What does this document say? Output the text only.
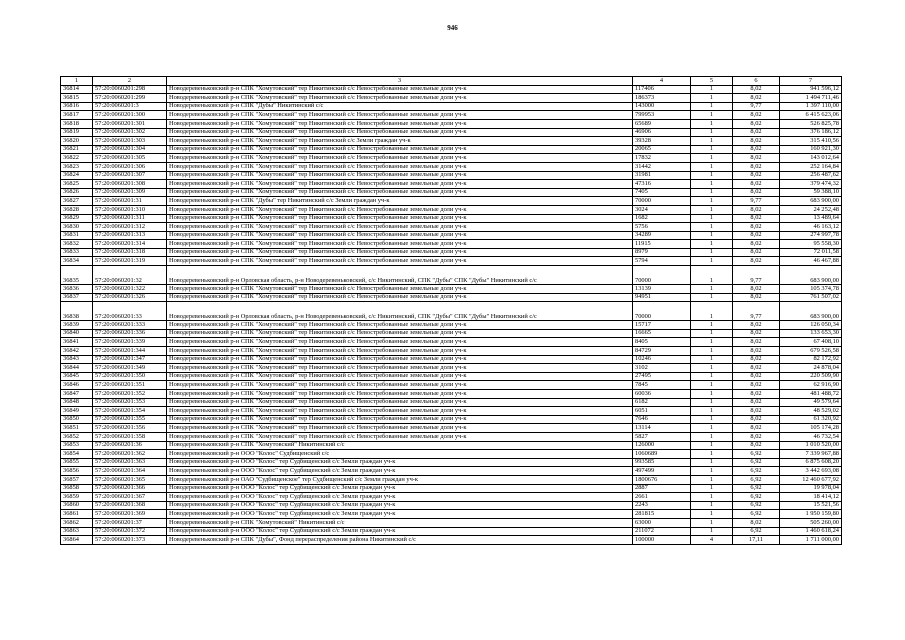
946
1	2	3	4	5	6	7
36814	57:20:0060201:298	Новодеревеньковский р-н СПК "Хомутовский" тер Никитинский с/с Невостребованные земельные доли уч-к	117406	1	8,02	941 596,12
36815	57:20:0060201:299	Новодеревеньковский р-н СПК "Хомутовский" тер Никитинский с/с Невостребованные земельные доли уч-к	186373	1	8,02	1 494 711,46
36816	57:20:0060201:3	Новодеревеньковский р-н СПК "Дубы" Никитинский с/с	143000	1	9,77	1 397 110,00
36817	57:20:0060201:300	Новодеревеньковский р-н СПК "Хомутовский" тер Никитинский с/с Невостребованные земельные доли уч-к	799953	1	8,02	6 415 623,06
36818	57:20:0060201:301	Новодеревеньковский р-н СПК "Хомутовский" тер Никитинский с/с Невостребованные земельные доли уч-к	65689	1	8,02	526 825,78
36819	57:20:0060201:302	Новодеревеньковский р-н СПК "Хомутовский" тер Никитинский с/с Невостребованные земельные доли уч-к	46906	1	8,02	376 186,12
36820	57:20:0060201:303	Новодеревеньковский р-н СПК "Хомутовский" тер Никитинский с/с Земли граждан уч-к	39328	1	8,02	315 410,56
36821	57:20:0060201:304	Новодеревеньковский р-н СПК "Хомутовский" тер Никитинский с/с Невостребованные земельные доли уч-к	20065	1	8,02	160 921,30
36822	57:20:0060201:305	Новодеревеньковский р-н СПК "Хомутовский" тер Никитинский с/с Невостребованные земельные доли уч-к	17832	1	8,02	143 012,64
36823	57:20:0060201:306	Новодеревеньковский р-н СПК "Хомутовский" тер Никитинский с/с Невостребованные земельные доли уч-к	31442	1	8,02	252 164,84
36824	57:20:0060201:307	Новодеревеньковский р-н СПК "Хомутовский" тер Никитинский с/с Невостребованные земельные доли уч-к	31981	1	8,02	256 487,62
36825	57:20:0060201:308	Новодеревеньковский р-н СПК "Хомутовский" тер Никитинский с/с Невостребованные земельные доли уч-к	47316	1	8,02	379 474,32
36826	57:20:0060201:309	Новодеревеньковский р-н СПК "Хомутовский" тер Никитинский с/с Невостребованные земельные доли уч-к	7405	1	8,02	59 388,10
36827	57:20:0060201:31	Новодеревеньковский р-н СПК "Дубы" тер Никитинский с/с Земли граждан уч-к	70000	1	9,77	683 900,00
36828	57:20:0060201:310	Новодеревеньковский р-н СПК "Хомутовский" тер Никитинский с/с Невостребованные земельные доли уч-к	3024	1	8,02	24 252,48
36829	57:20:0060201:311	Новодеревеньковский р-н СПК "Хомутовский" тер Никитинский с/с Невостребованные земельные доли уч-к	1682	1	8,02	13 489,64
36830	57:20:0060201:312	Новодеревеньковский р-н СПК "Хомутовский" тер Никитинский с/с Невостребованные земельные доли уч-к	5756	1	8,02	46 163,12
36831	57:20:0060201:313	Новодеревеньковский р-н СПК "Хомутовский" тер Никитинский с/с Невостребованные земельные доли уч-к	34289	1	8,02	274 997,78
36832	57:20:0060201:314	Новодеревеньковский р-н СПК "Хомутовский" тер Никитинский с/с Невостребованные земельные доли уч-к	11915	1	8,02	95 558,30
36833	57:20:0060201:318	Новодеревеньковский р-н СПК "Хомутовский" тер Никитинский с/с Невостребованные земельные доли уч-к	8979	1	8,02	72 011,58
36834	57:20:0060201:319	Новодеревеньковский р-н СПК "Хомутовский" тер Никитинский с/с Невостребованные земельные доли уч-к	5794	1	8,02	46 467,88
36835	57:20:0060201:32	Новодеревеньковский р-н Орловская область, р-н Новодеревеньковский, с/с Никитинский, СПК "Дубы" СПК "Дубы" Никитинский с/с	70000	1	9,77	683 900,00
36836	57:20:0060201:322	Новодеревеньковский р-н СПК "Хомутовский" тер Никитинский с/с Невостребованные земельные доли уч-к	13139	1	8,02	105 374,78
36837	57:20:0060201:326	Новодеревеньковский р-н СПК "Хомутовский" тер Никитинский с/с Невостребованные земельные доли уч-к	94951	1	8,02	761 507,02
36838	57:20:0060201:33	Новодеревеньковский р-н Орловская область, р-н Новодеревеньковский, с/с Никитинский, СПК "Дубы" СПК "Дубы" Никитинский с/с	70000	1	9,77	683 900,00
36839	57:20:0060201:333	Новодеревеньковский р-н СПК "Хомутовский" тер Никитинский с/с Невостребованные земельные доли уч-к	15717	1	8,02	126 050,34
36840	57:20:0060201:336	Новодеревеньковский р-н СПК "Хомутовский" тер Никитинский с/с Невостребованные земельные доли уч-к	16665	1	8,02	133 653,30
36841	57:20:0060201:339	Новодеревеньковский р-н СПК "Хомутовский" тер Никитинский с/с Невостребованные земельные доли уч-к	8405	1	8,02	67 408,10
36842	57:20:0060201:344	Новодеревеньковский р-н СПК "Хомутовский" тер Никитинский с/с Невостребованные земельные доли уч-к	84729	1	8,02	679 526,58
36843	57:20:0060201:347	Новодеревеньковский р-н СПК "Хомутовский" тер Никитинский с/с Невостребованные земельные доли уч-к	10246	1	8,02	82 172,92
36844	57:20:0060201:349	Новодеревеньковский р-н СПК "Хомутовский" тер Никитинский с/с Невостребованные земельные доли уч-к	3102	1	8,02	24 878,04
36845	57:20:0060201:350	Новодеревеньковский р-н СПК "Хомутовский" тер Никитинский с/с Невостребованные земельные доли уч-к	27495	1	8,02	220 509,90
36846	57:20:0060201:351	Новодеревеньковский р-н СПК "Хомутовский" тер Никитинский с/с Невостребованные земельные доли уч-к	7845	1	8,02	62 916,90
36847	57:20:0060201:352	Новодеревеньковский р-н СПК "Хомутовский" тер Никитинский с/с Невостребованные земельные доли уч-к	60036	1	8,02	481 488,72
36848	57:20:0060201:353	Новодеревеньковский р-н СПК "Хомутовский" тер Никитинский с/с Невостребованные земельные доли уч-к	6182	1	8,02	49 579,64
36849	57:20:0060201:354	Новодеревеньковский р-н СПК "Хомутовский" тер Никитинский с/с Невостребованные земельные доли уч-к	6051	1	8,02	48 529,02
36850	57:20:0060201:355	Новодеревеньковский р-н СПК "Хомутовский" тер Никитинский с/с Невостребованные земельные доли уч-к	7646	1	8,02	61 320,92
36851	57:20:0060201:356	Новодеревеньковский р-н СПК "Хомутовский" тер Никитинский с/с Невостребованные земельные доли уч-к	13114	1	8,02	105 174,28
36852	57:20:0060201:358	Новодеревеньковский р-н СПК "Хомутовский" тер Никитинский с/с Невостребованные земельные доли уч-к	5827	1	8,02	46 732,54
36853	57:20:0060201:36	Новодеревеньковский р-н СПК "Хомутовский" Никитинский с/с	126000	1	8,02	1 010 520,00
36854	57:20:0060201:362	Новодеревеньковский р-н ООО "Колос" Судбищенский с/с	1060689	1	6,92	7 339 967,88
36855	57:20:0060201:363	Новодеревеньковский р-н ООО "Колос" тер Судбищенский с/с Земли граждан уч-к	993585	1	6,92	6 875 608,20
36856	57:20:0060201:364	Новодеревеньковский р-н ООО "Колос" тер Судбищенский с/с Земли граждан уч-к	497499	1	6,92	3 442 693,08
36857	57:20:0060201:365	Новодеревеньковский р-н ОАО "Судбищенское" тер Судбищенский с/с Земли граждан уч-к	1800676	1	6,92	12 460 677,92
36858	57:20:0060201:366	Новодеревеньковский р-н ООО "Колос" тер Судбищенский с/с Земли граждан уч-к	2887	1	6,92	19 978,04
36859	57:20:0060201:367	Новодеревеньковский р-н ООО "Колос" тер Судбищенский с/с Земли граждан уч-к	2661	1	6,92	18 414,12
36860	57:20:0060201:368	Новодеревеньковский р-н ООО "Колос" тер Судбищенский с/с Земли граждан уч-к	2243	1	6,92	15 521,56
36861	57:20:0060201:369	Новодеревеньковский р-н ООО "Колос" тер Судбищенский с/с Земли граждан уч-к	281815	1	6,92	1 950 159,80
36862	57:20:0060201:37	Новодеревеньковский р-н СПК "Хомутовский" Никитинский с/с	63000	1	8,02	505 260,00
36863	57:20:0060201:372	Новодеревеньковский р-н ООО "Колос" тер Судбищенский с/с Земли граждан уч-к	211072	1	6,92	1 460 618,24
36864	57:20:0060201:373	Новодеревеньковский р-н СПК "Дубы", Фонд перераспределения района Никитинский с/с	100000	4	17,11	1 711 000,00
